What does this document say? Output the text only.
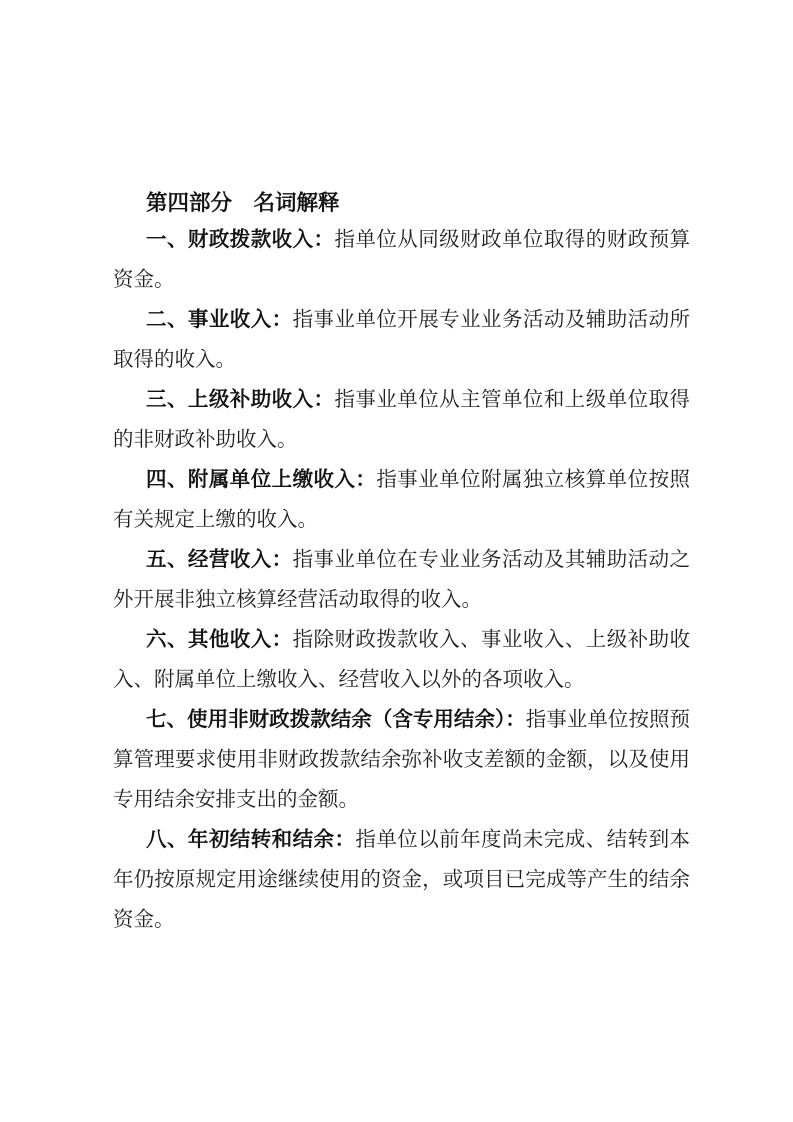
第四部分　名词解释

一、财政拨款收入：指单位从同级财政单位取得的财政预算资金。

二、事业收入：指事业单位开展专业业务活动及辅助活动所取得的收入。

三、上级补助收入：指事业单位从主管单位和上级单位取得的非财政补助收入。

四、附属单位上缴收入：指事业单位附属独立核算单位按照有关规定上缴的收入。

五、经营收入：指事业单位在专业业务活动及其辅助活动之外开展非独立核算经营活动取得的收入。

六、其他收入：指除财政拨款收入、事业收入、上级补助收入、附属单位上缴收入、经营收入以外的各项收入。

七、使用非财政拨款结余（含专用结余）：指事业单位按照预算管理要求使用非财政拨款结余弥补收支差额的金额，以及使用专用结余安排支出的金额。

八、年初结转和结余：指单位以前年度尚未完成、结转到本年仍按原规定用途继续使用的资金，或项目已完成等产生的结余资金。
